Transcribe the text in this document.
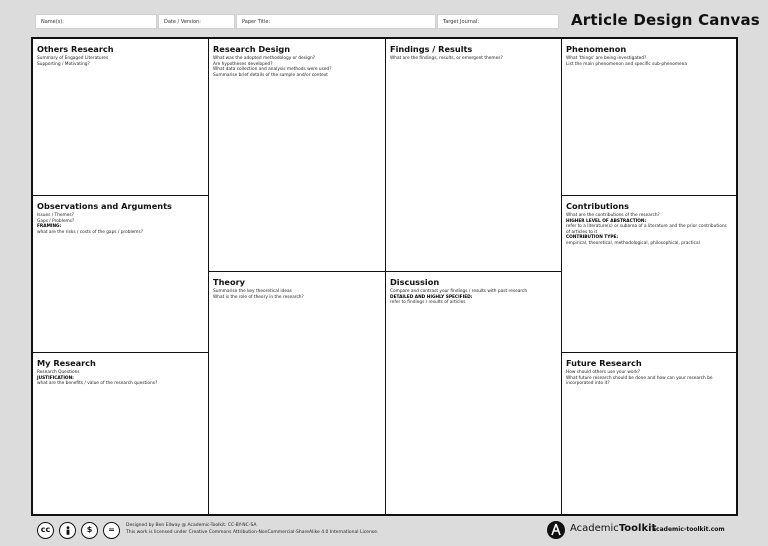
Name(s):	Date / Version:	Paper Title:	Target Journal:	Article Design Canvas
Others Research

Summary of Engaged Literatures

Supporting / Motivating?

Research Design

What was the adopted methodology or design?

Are hypotheses developed?

What data collection and analysis methods were used?

Summarise brief details of the sample and/or context

Findings / Results

What are the findings, results, or emergent themes?

Phenomenon

What 'things' are being investigated?

List the main phenomenon and specific sub-phenomena

Observations and Arguments

Issues / Themes?

Gaps / Problems?

FRAMING:

what are the risks / costs of the gaps / problems?

Contributions

What are the contributions of the research?

HIGHER LEVEL OF ABSTRACTION:

refer to a literature(s) or subarea of a literature and the prior contributions of articles to it

CONTRIBUTION TYPE:

empirical, theoretical, methodological, philosophical, practical

Theory

Summarise the key theoretical ideas

What is the role of theory in the research?

Discussion

Compare and contrast your findings / results with past research

DETAILED AND HIGHLY SPECIFIED:

refer to findings / results of articles

My Research

Research Questions

JUSTIFICATION:

what are the benefits / value of the research questions?

Future Research

How should others use your work?

What future research should be done and how can your research be incorporated into it?

cc	$	=	Designed by Ben Ellway @ Academic-Toolkit. CC-BY-NC-SA
This work is licensed under Creative Commons Attribution-NonCommercial-ShareAlike 4.0 International License.	AcademicToolkit
academic-toolkit.com
